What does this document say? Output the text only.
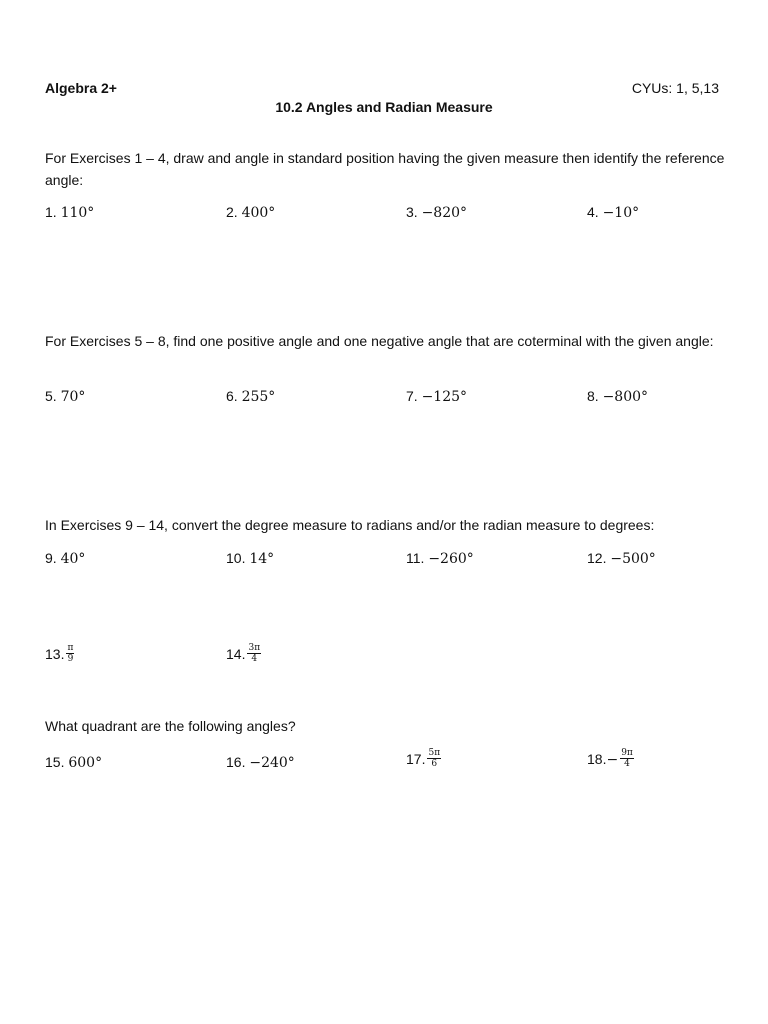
Algebra 2+	CYUs: 1, 5,13
10.2 Angles and Radian Measure
For Exercises 1 – 4, draw and angle in standard position having the given measure then identify the reference angle:
1. 110°	2. 400°	3. −820°	4. −10°
For Exercises 5 – 8, find one positive angle and one negative angle that are coterminal with the given angle:
5. 70°	6. 255°	7. −125°	8. −800°
In Exercises 9 – 14, convert the degree measure to radians and/or the radian measure to degrees:
9. 40°	10. 14°	11. −260°	12. −500°
13. $\frac{\pi}{9}$	14. $\frac{3\pi}{4}$
What quadrant are the following angles?
15. 600°	16. −240°	17. $\frac{5\pi}{6}$	$18.- \frac{9\pi}{4}$
